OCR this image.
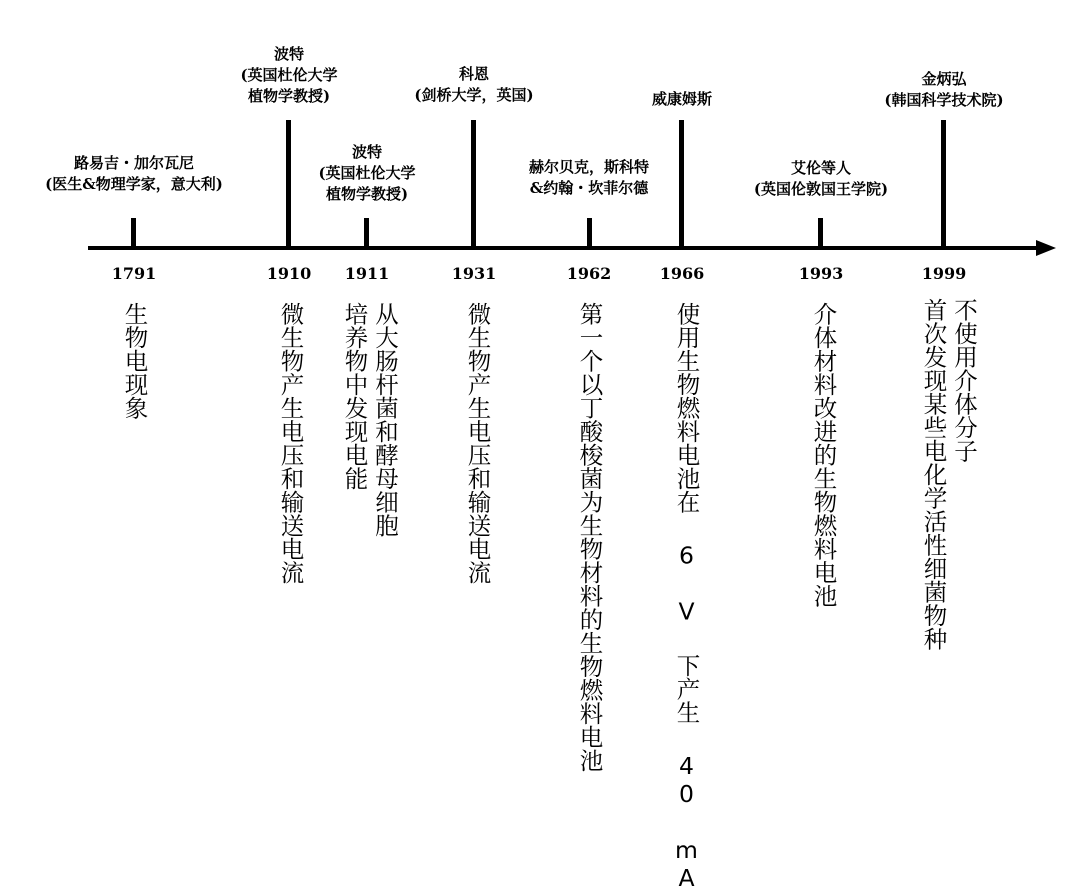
路易吉・加尔瓦尼
(医生&物理学家，意大利)
1791
生物电现象
波特
(英国杜伦大学
植物学教授)
1910
微生物产生电压和输送电流
波特
(英国杜伦大学
植物学教授)
1911
从大肠杆菌和酵母细胞
培养物中发现电能
科恩
(剑桥大学，英国)
1931
微生物产生电压和输送电流
赫尔贝克，斯科特
&约翰・坎菲尔德
1962
第一个以丁酸梭菌为生物材料的生物燃料电池
威康姆斯
1966
使用生物燃料电池在 6 V 下产生 40 mA
艾伦等人
(英国伦敦国王学院)
1993
介体材料改进的生物燃料电池
金炳弘
(韩国科学技术院)
1999
不使用介体分子
首次发现某些电化学活性细菌物种
